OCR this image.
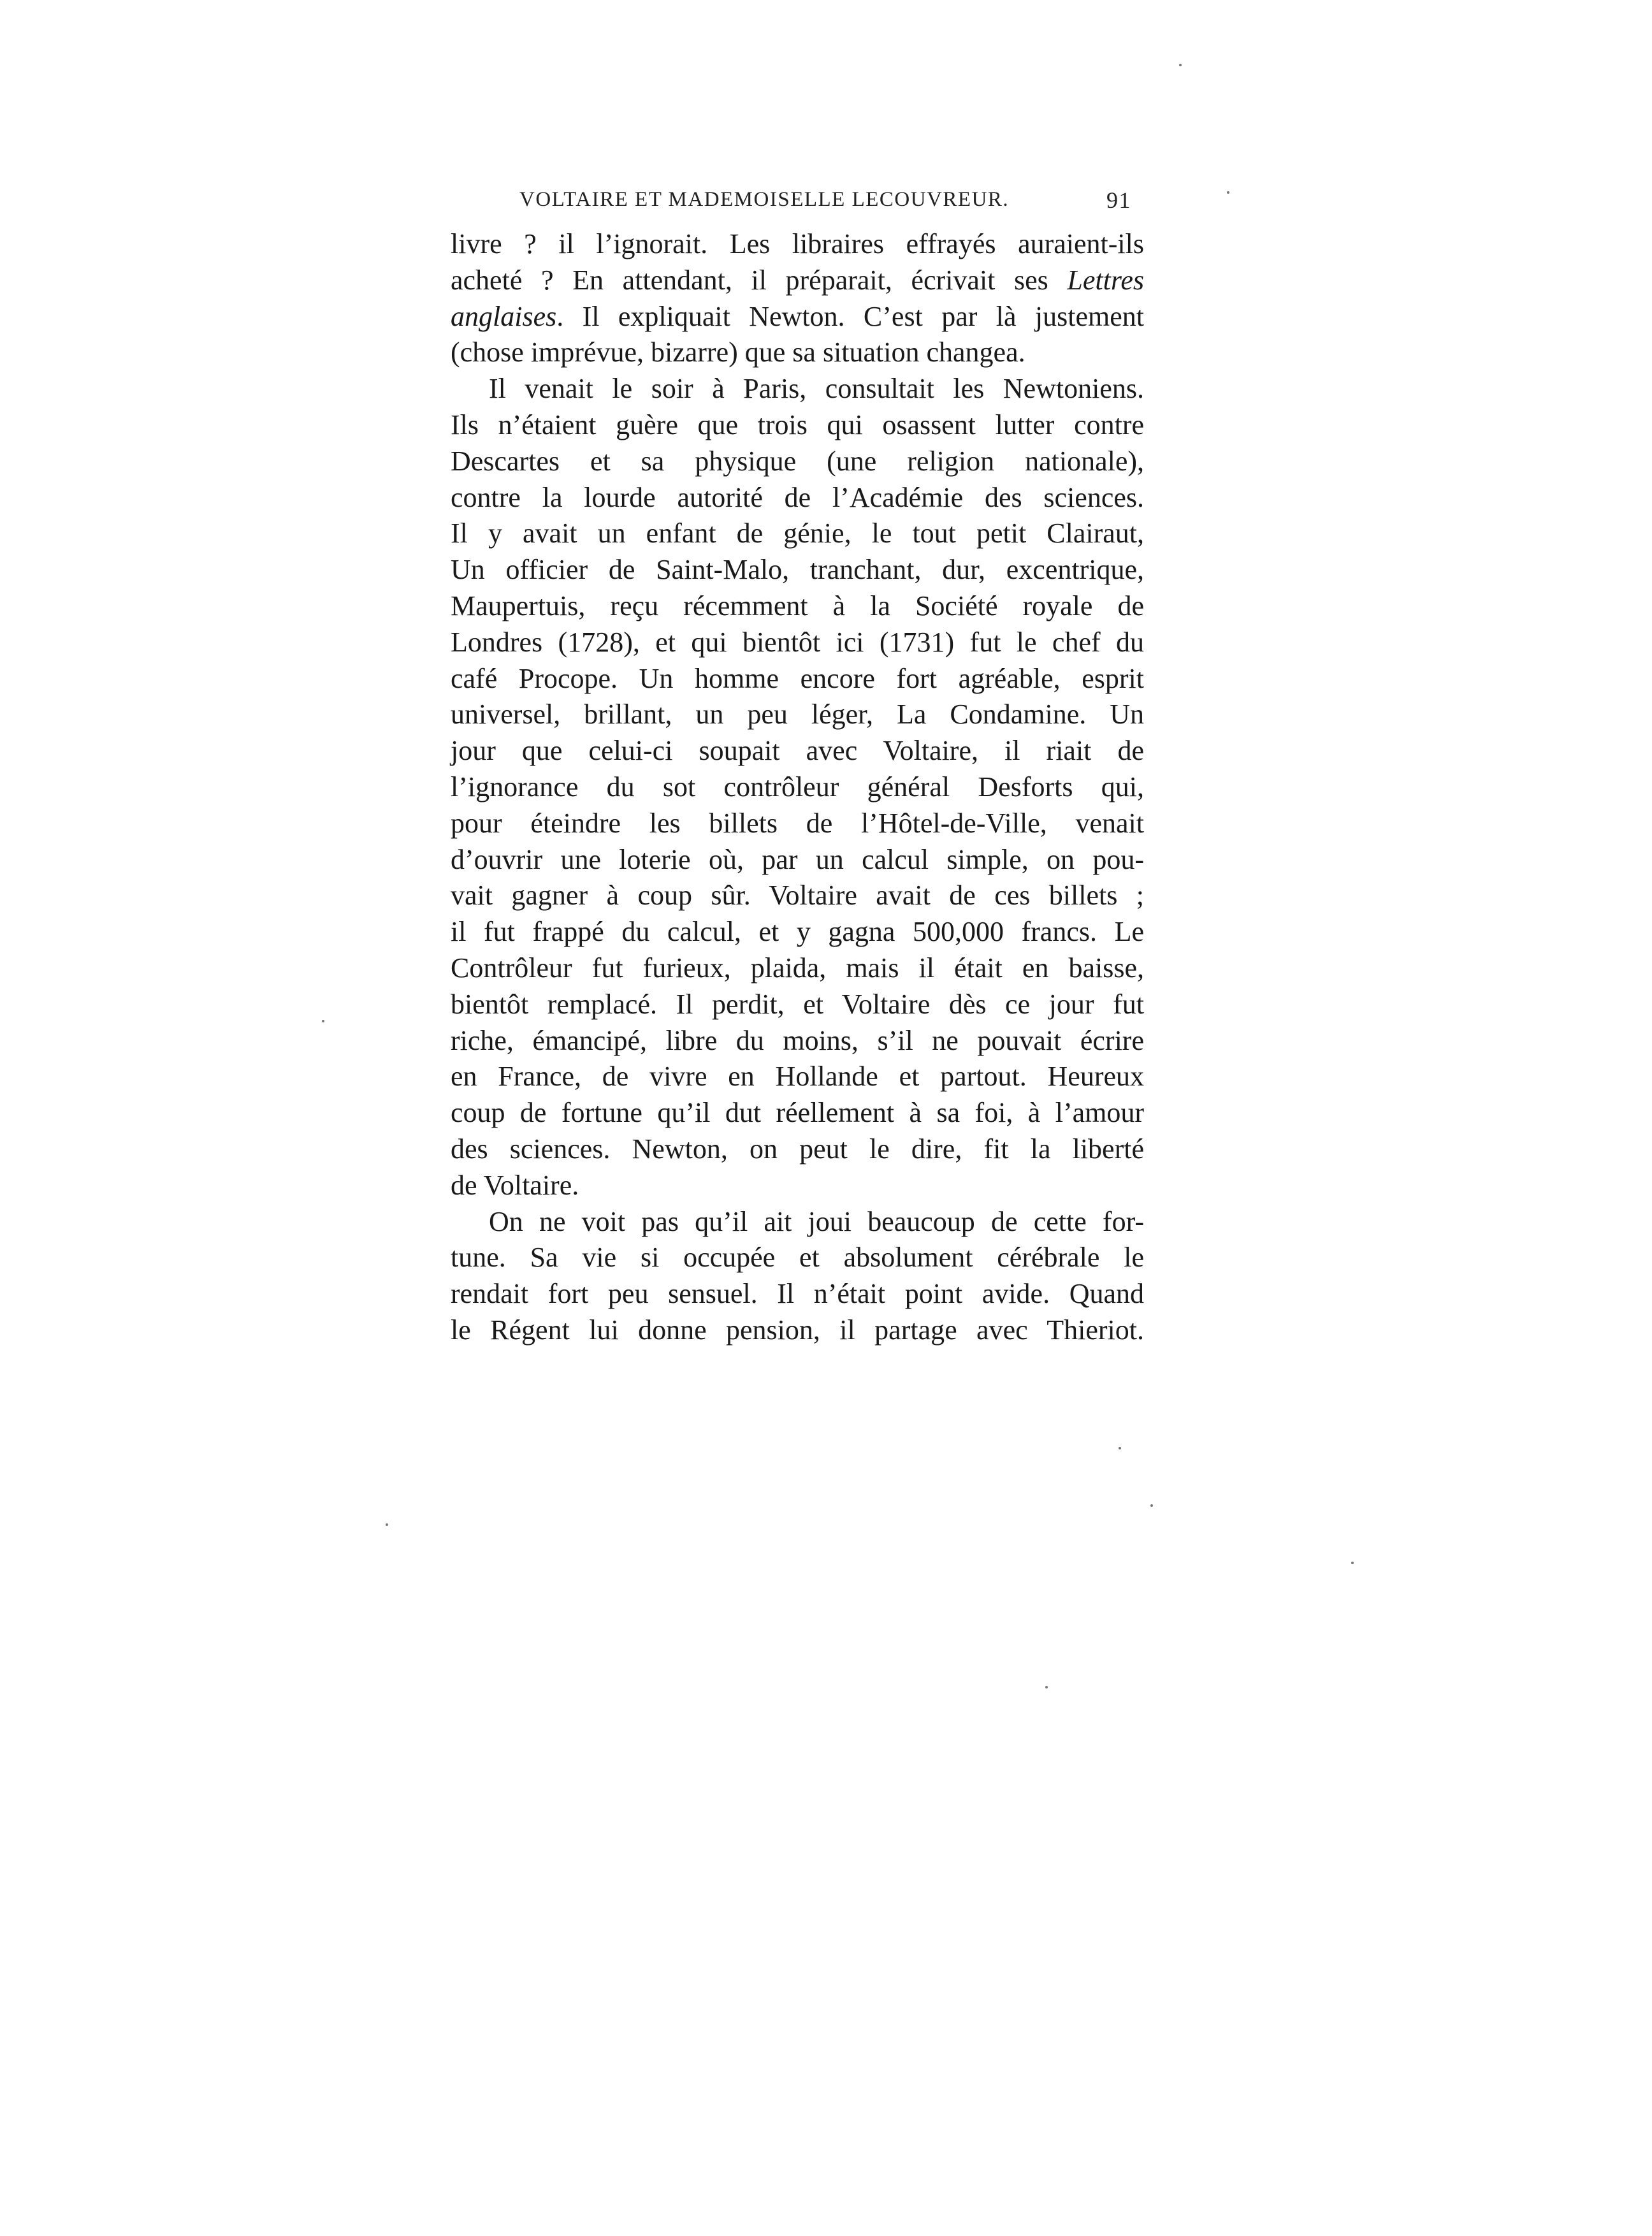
VOLTAIRE ET MADEMOISELLE LECOUVREUR.	91
livre ? il l’ignorait. Les libraires effrayés auraient-ils
acheté ? En attendant, il préparait, écrivait ses Lettres
anglaises. Il expliquait Newton. C’est par là justement
(chose imprévue, bizarre) que sa situation changea.
Il venait le soir à Paris, consultait les Newtoniens.
Ils n’étaient guère que trois qui osassent lutter contre
Descartes et sa physique (une religion nationale),
contre la lourde autorité de l’Académie des sciences.
Il y avait un enfant de génie, le tout petit Clairaut,
Un officier de Saint-Malo, tranchant, dur, excentrique,
Maupertuis, reçu récemment à la Société royale de
Londres (1728), et qui bientôt ici (1731) fut le chef du
café Procope. Un homme encore fort agréable, esprit
universel, brillant, un peu léger, La Condamine. Un
jour que celui-ci soupait avec Voltaire, il riait de
l’ignorance du sot contrôleur général Desforts qui,
pour éteindre les billets de l’Hôtel-de-Ville, venait
d’ouvrir une loterie où, par un calcul simple, on pou-
vait gagner à coup sûr. Voltaire avait de ces billets ;
il fut frappé du calcul, et y gagna 500,000 francs. Le
Contrôleur fut furieux, plaida, mais il était en baisse,
bientôt remplacé. Il perdit, et Voltaire dès ce jour fut
riche, émancipé, libre du moins, s’il ne pouvait écrire
en France, de vivre en Hollande et partout. Heureux
coup de fortune qu’il dut réellement à sa foi, à l’amour
des sciences. Newton, on peut le dire, fit la liberté
de Voltaire.
On ne voit pas qu’il ait joui beaucoup de cette for-
tune. Sa vie si occupée et absolument cérébrale le
rendait fort peu sensuel. Il n’était point avide. Quand
le Régent lui donne pension, il partage avec Thieriot.
